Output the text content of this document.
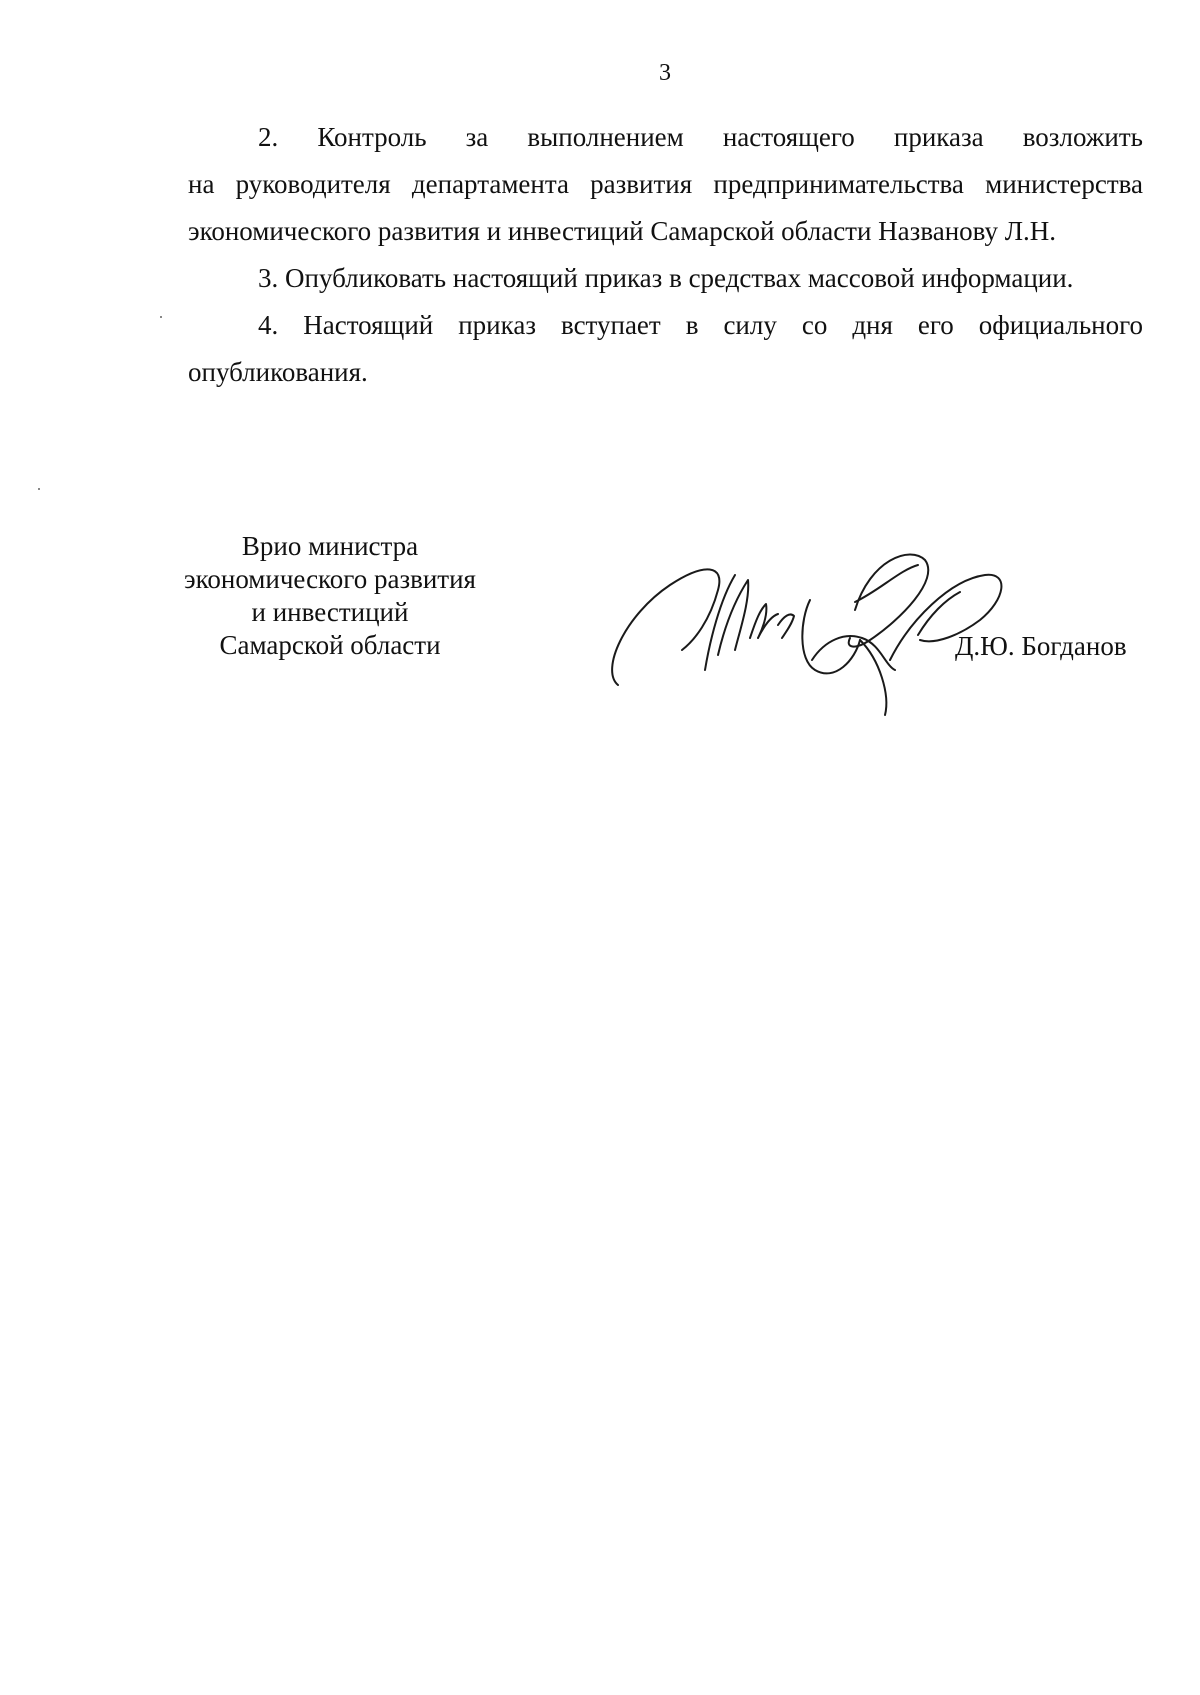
3
2. Контроль за выполнением настоящего приказа возложить
на руководителя департамента развития предпринимательства министерства
экономического развития и инвестиций Самарской области Названову Л.Н.
3. Опубликовать настоящий приказ в средствах массовой информации.
4. Настоящий приказ вступает в силу со дня его официального
опубликования.
Врио министра
экономического развития
и инвестиций
Самарской области	Д.Ю. Богданов
